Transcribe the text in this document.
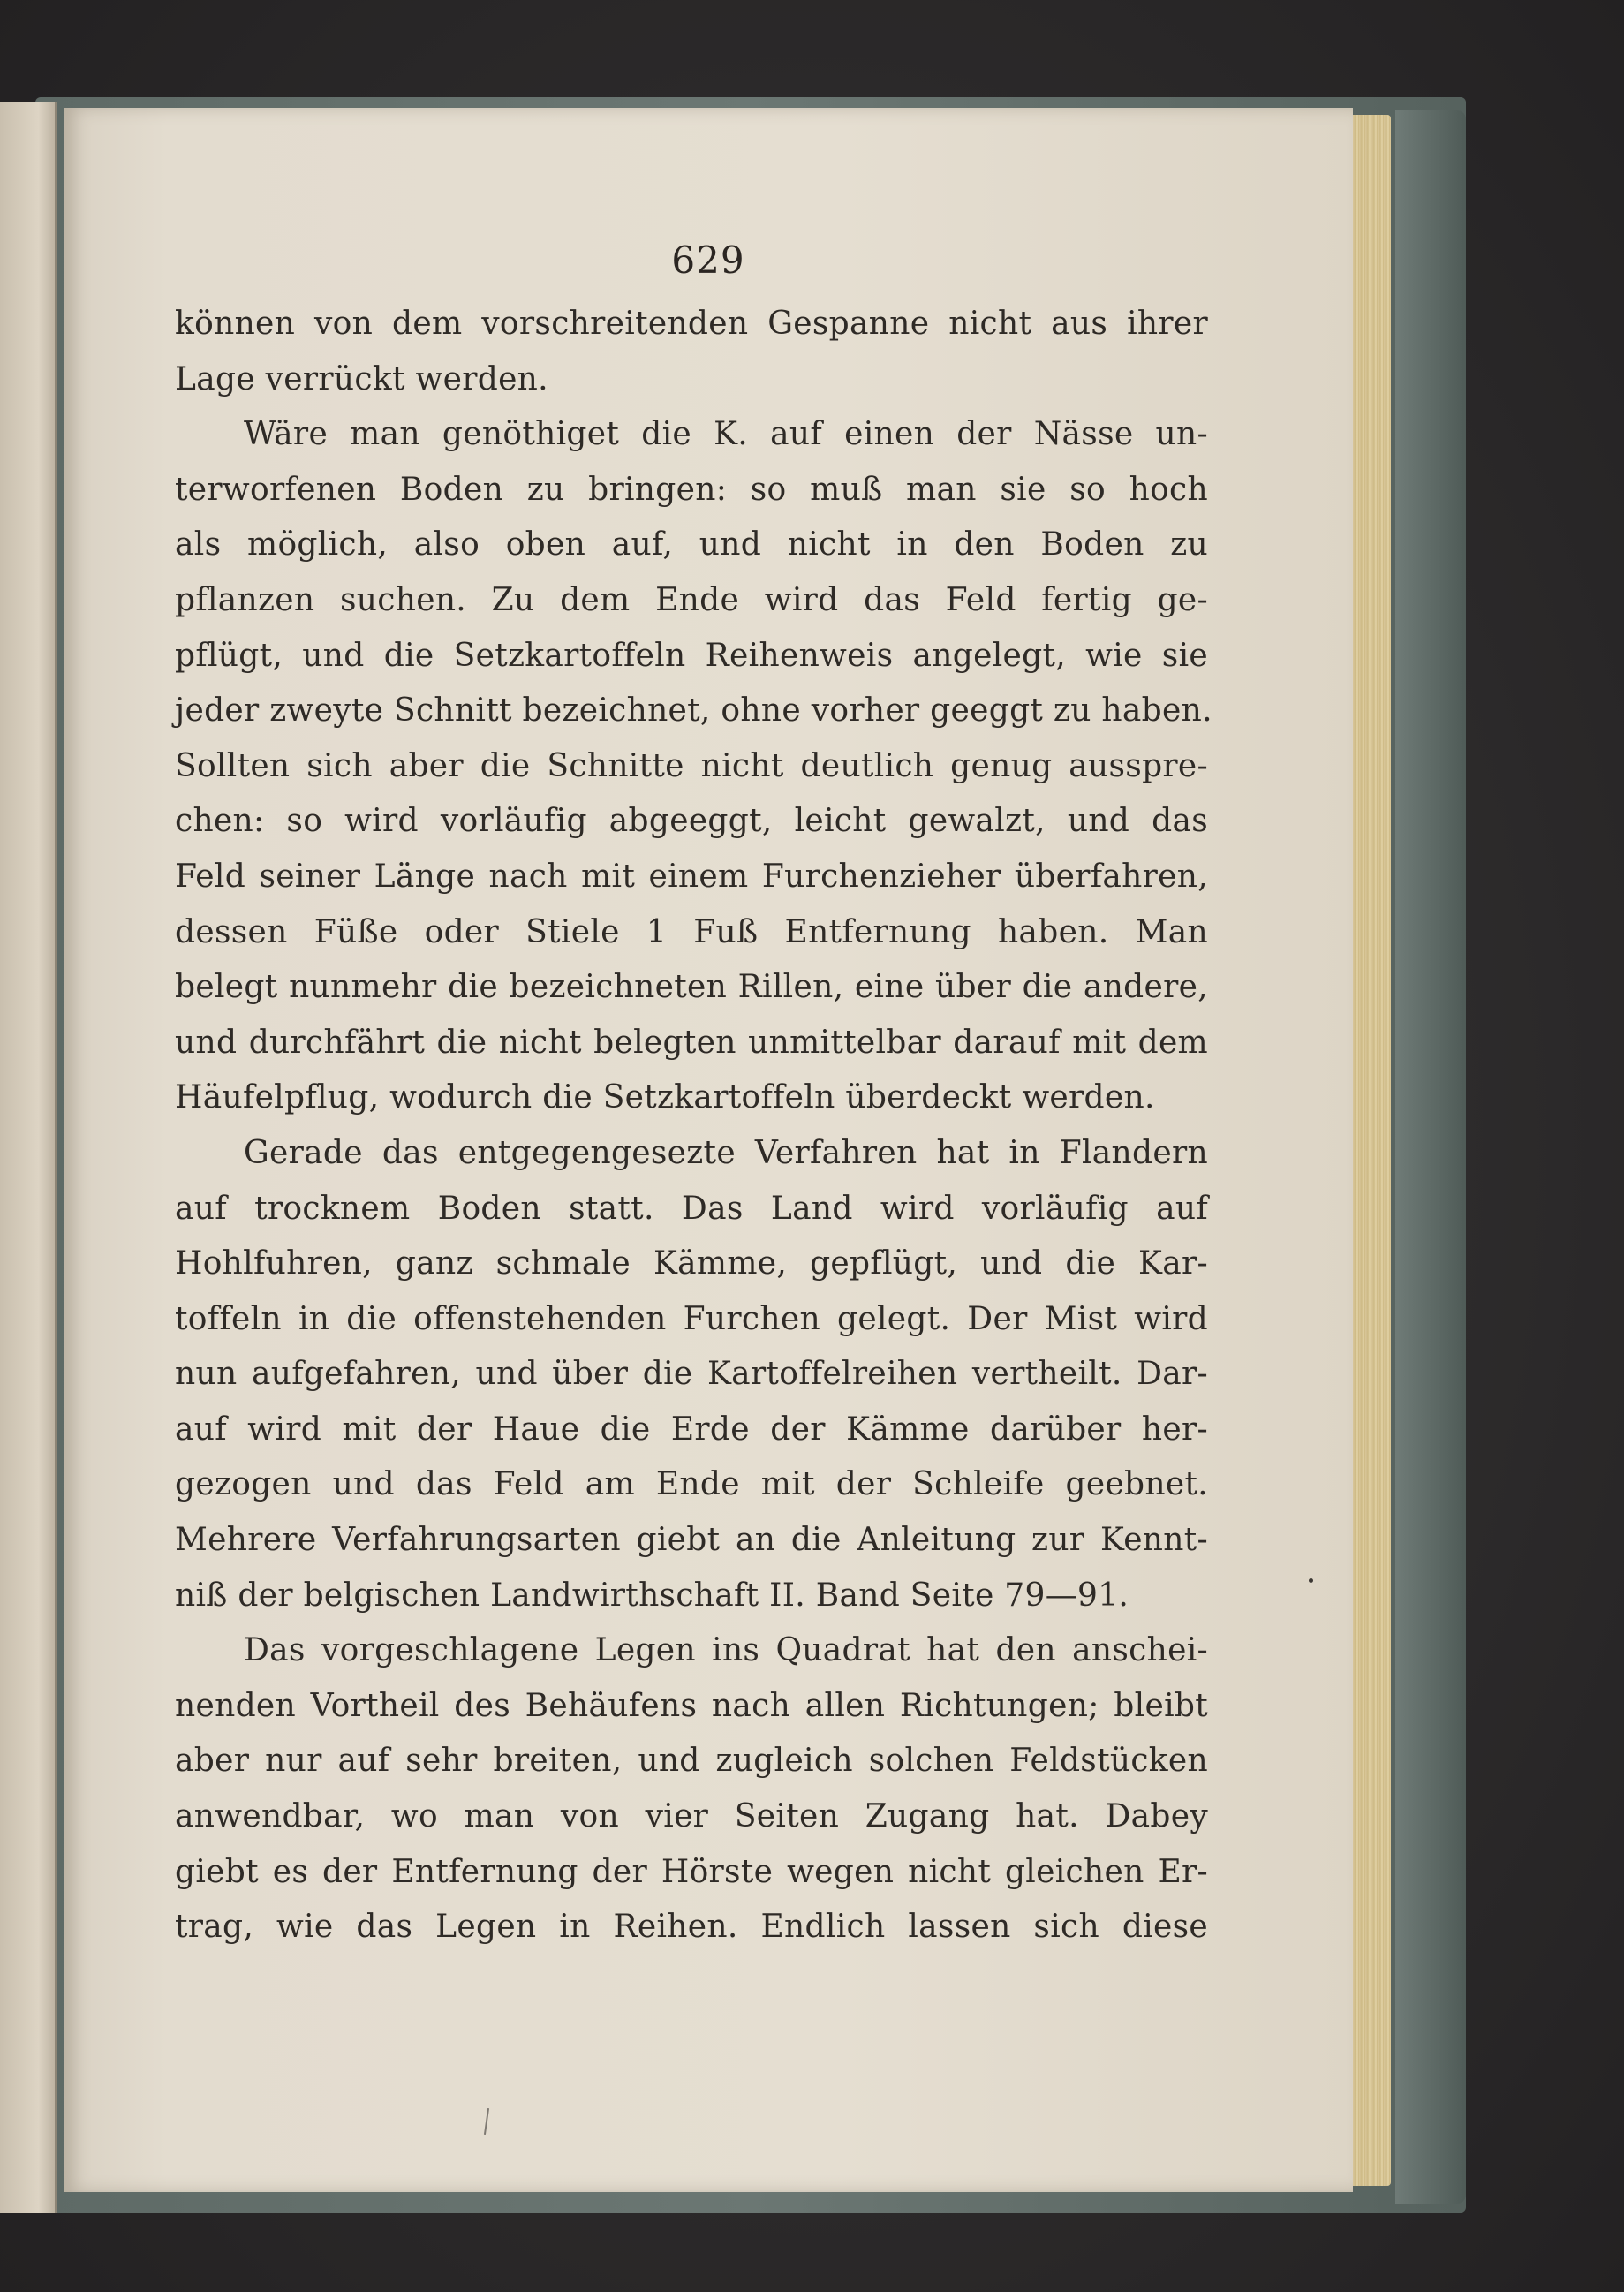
629
können von dem vorschreitenden Gespanne nicht aus ihrer
Lage verrückt werden.
Wäre man genöthiget die K. auf einen der Nässe un-
terworfenen Boden zu bringen: so muß man sie so hoch
als möglich, also oben auf, und nicht in den Boden zu
pflanzen suchen. Zu dem Ende wird das Feld fertig ge-
pflügt, und die Setzkartoffeln Reihenweis angelegt, wie sie
jeder zweyte Schnitt bezeichnet, ohne vorher geeggt zu haben.
Sollten sich aber die Schnitte nicht deutlich genug ausspre-
chen: so wird vorläufig abgeeggt, leicht gewalzt, und das
Feld seiner Länge nach mit einem Furchenzieher überfahren,
dessen Füße oder Stiele 1 Fuß Entfernung haben. Man
belegt nunmehr die bezeichneten Rillen, eine über die andere,
und durchfährt die nicht belegten unmittelbar darauf mit dem
Häufelpflug, wodurch die Setzkartoffeln überdeckt werden.
Gerade das entgegengesezte Verfahren hat in Flandern
auf trocknem Boden statt. Das Land wird vorläufig auf
Hohlfuhren, ganz schmale Kämme, gepflügt, und die Kar-
toffeln in die offenstehenden Furchen gelegt. Der Mist wird
nun aufgefahren, und über die Kartoffelreihen vertheilt. Dar-
auf wird mit der Haue die Erde der Kämme darüber her-
gezogen und das Feld am Ende mit der Schleife geebnet.
Mehrere Verfahrungsarten giebt an die Anleitung zur Kennt-
niß der belgischen Landwirthschaft II. Band Seite 79—91.
Das vorgeschlagene Legen ins Quadrat hat den anschei-
nenden Vortheil des Behäufens nach allen Richtungen; bleibt
aber nur auf sehr breiten, und zugleich solchen Feldstücken
anwendbar, wo man von vier Seiten Zugang hat. Dabey
giebt es der Entfernung der Hörste wegen nicht gleichen Er-
trag, wie das Legen in Reihen. Endlich lassen sich diese
